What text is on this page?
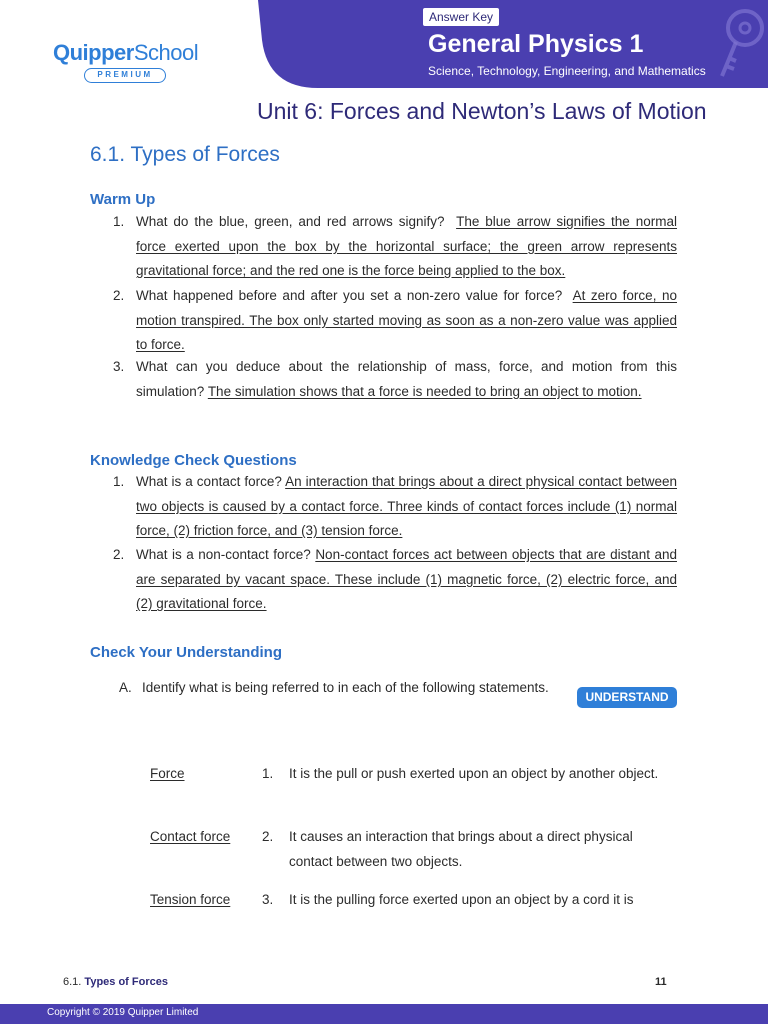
Answer Key
General Physics 1
Science, Technology, Engineering, and Mathematics
QuipperSchool
PREMIUM
Unit 6: Forces and Newton’s Laws of Motion
6.1. Types of Forces
Warm Up
1. What do the blue, green, and red arrows signify? The blue arrow signifies the normal force exerted upon the box by the horizontal surface; the green arrow represents gravitational force; and the red one is the force being applied to the box.
2. What happened before and after you set a non-zero value for force? At zero force, no motion transpired. The box only started moving as soon as a non-zero value was applied to force.
3. What can you deduce about the relationship of mass, force, and motion from this simulation? The simulation shows that a force is needed to bring an object to motion.
Knowledge Check Questions
1. What is a contact force? An interaction that brings about a direct physical contact between two objects is caused by a contact force. Three kinds of contact forces include (1) normal force, (2) friction force, and (3) tension force.
2. What is a non-contact force? Non-contact forces act between objects that are distant and are separated by vacant space. These include (1) magnetic force, (2) electric force, and (2) gravitational force.
Check Your Understanding
A. Identify what is being referred to in each of the following statements.
UNDERSTAND
Force	1. It is the pull or push exerted upon an object by another object.
Contact force 2. It causes an interaction that brings about a direct physical contact between two objects.
Tension force 3. It is the pulling force exerted upon an object by a cord it is
6.1. Types of Forces	11
Copyright © 2019 Quipper Limited
